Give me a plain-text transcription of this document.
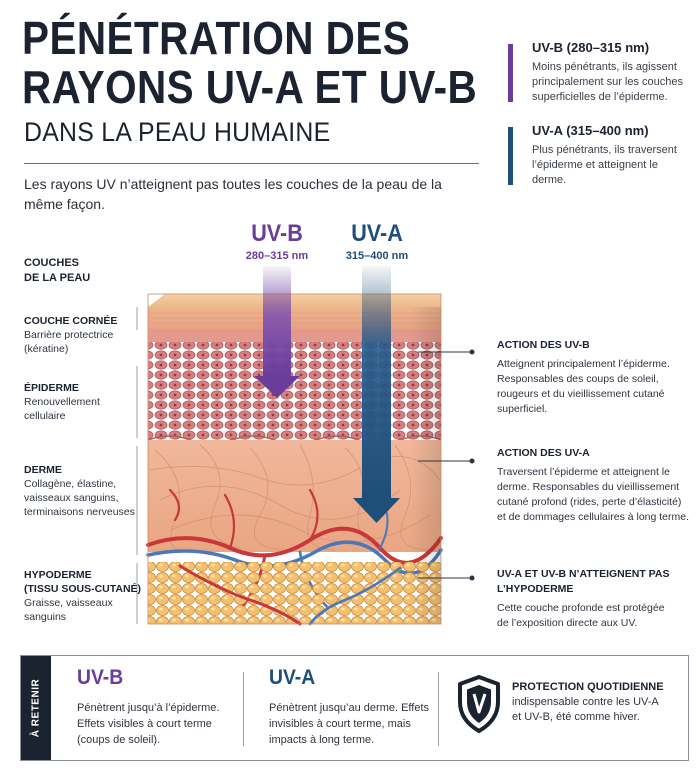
PÉNÉTRATION DES
RAYONS UV-A ET UV-B
DANS LA PEAU HUMAINE
Les rayons UV n’atteignent pas toutes les couches de la peau de la même façon.
UV-B (280–315 nm)
Moins pénétrants, ils agissent principalement sur les couches superficielles de l’épiderme.
UV-A (315–400 nm)
Plus pénétrants, ils traversent l’épiderme et atteignent le derme.
UV-B
280–315 nm
UV-A
315–400 nm
COUCHES
DE LA PEAU
COUCHE CORNÉE
Barrière protectrice
(kératine)
ÉPIDERME
Renouvellement
cellulaire
DERME
Collagène, élastine,
vaisseaux sanguins,
terminaisons nerveuses
HYPODERME
(TISSU SOUS-CUTANÉ)
Graisse, vaisseaux
sanguins
ACTION DES UV-B
Atteignent principalement l’épiderme. Responsables des coups de soleil, rougeurs et du vieillissement cutané superficiel.
ACTION DES UV-A
Traversent l’épiderme et atteignent le derme. Responsables du vieillissement cutané profond (rides, perte d’élasticité) et de dommages cellulaires à long terme.
UV-A ET UV-B N’ATTEIGNENT PAS L’HYPODERME
Cette couche profonde est protégée de l’exposition directe aux UV.
À RETENIR
UV-B
Pénètrent jusqu’à l’épiderme. Effets visibles à court terme (coups de soleil).
UV-A
Pénètrent jusqu’au derme. Effets invisibles à court terme, mais impacts à long terme.
PROTECTION QUOTIDIENNE
indispensable contre les UV-A et UV-B, été comme hiver.
